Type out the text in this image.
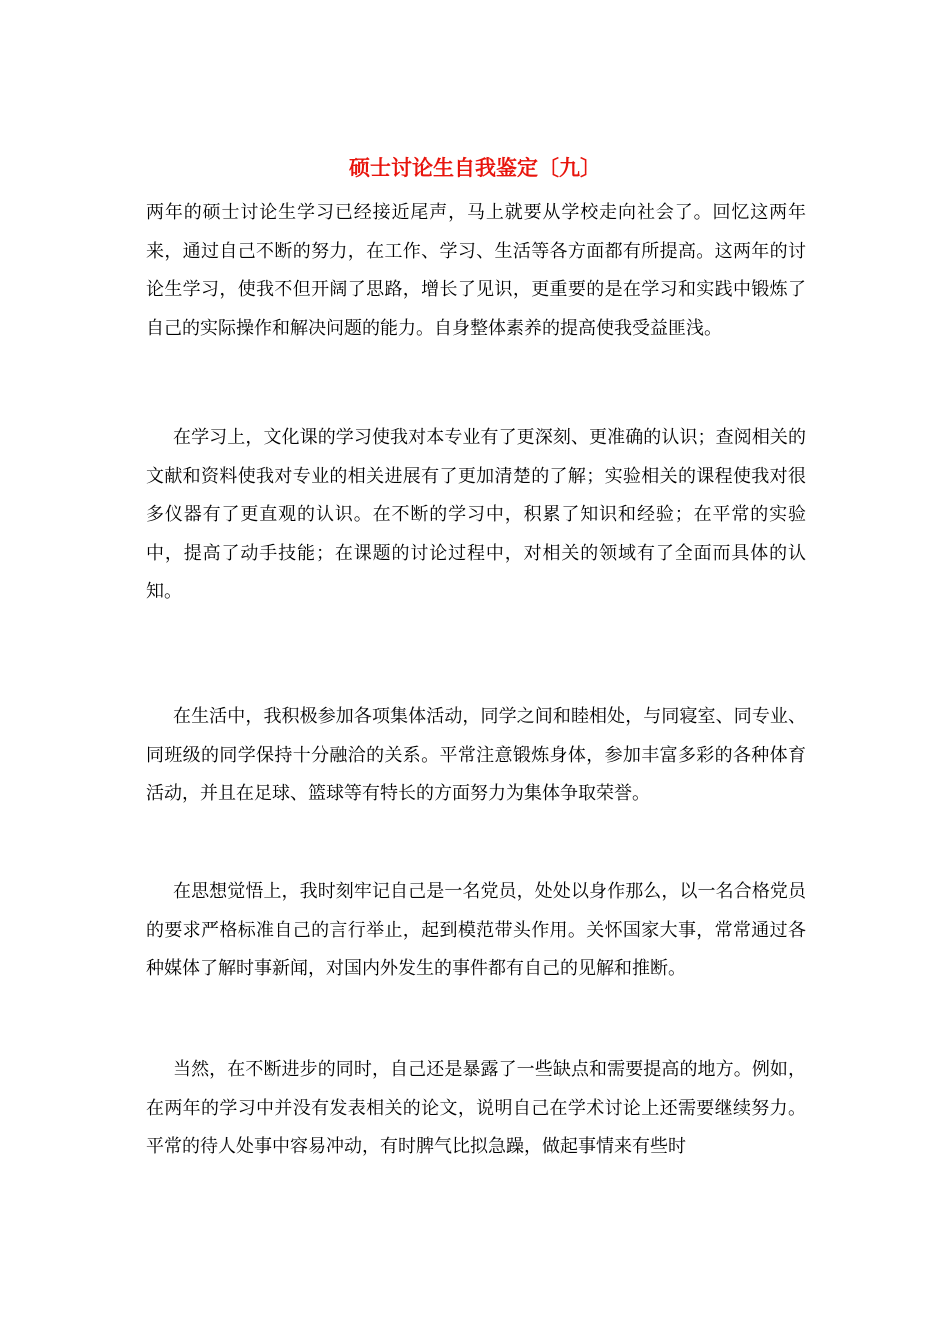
硕士讨论生自我鉴定〔九〕

两年的硕士讨论生学习已经接近尾声，马上就要从学校走向社会了。回忆这两年来，通过自己不断的努力，在工作、学习、生活等各方面都有所提高。这两年的讨论生学习，使我不但开阔了思路，增长了见识，更重要的是在学习和实践中锻炼了自己的实际操作和解决问题的能力。自身整体素养的提高使我受益匪浅。

在学习上，文化课的学习使我对本专业有了更深刻、更准确的认识；查阅相关的文献和资料使我对专业的相关进展有了更加清楚的了解；实验相关的课程使我对很多仪器有了更直观的认识。在不断的学习中，积累了知识和经验；在平常的实验中，提高了动手技能；在课题的讨论过程中，对相关的领域有了全面而具体的认知。

在生活中，我积极参加各项集体活动，同学之间和睦相处，与同寝室、同专业、同班级的同学保持十分融洽的关系。平常注意锻炼身体，参加丰富多彩的各种体育活动，并且在足球、篮球等有特长的方面努力为集体争取荣誉。

在思想觉悟上，我时刻牢记自己是一名党员，处处以身作那么，以一名合格党员的要求严格标准自己的言行举止，起到模范带头作用。关怀国家大事，常常通过各种媒体了解时事新闻，对国内外发生的事件都有自己的见解和推断。

当然，在不断进步的同时，自己还是暴露了一些缺点和需要提高的地方。例如，在两年的学习中并没有发表相关的论文，说明自己在学术讨论上还需要继续努力。平常的待人处事中容易冲动，有时脾气比拟急躁，做起事情来有些时
